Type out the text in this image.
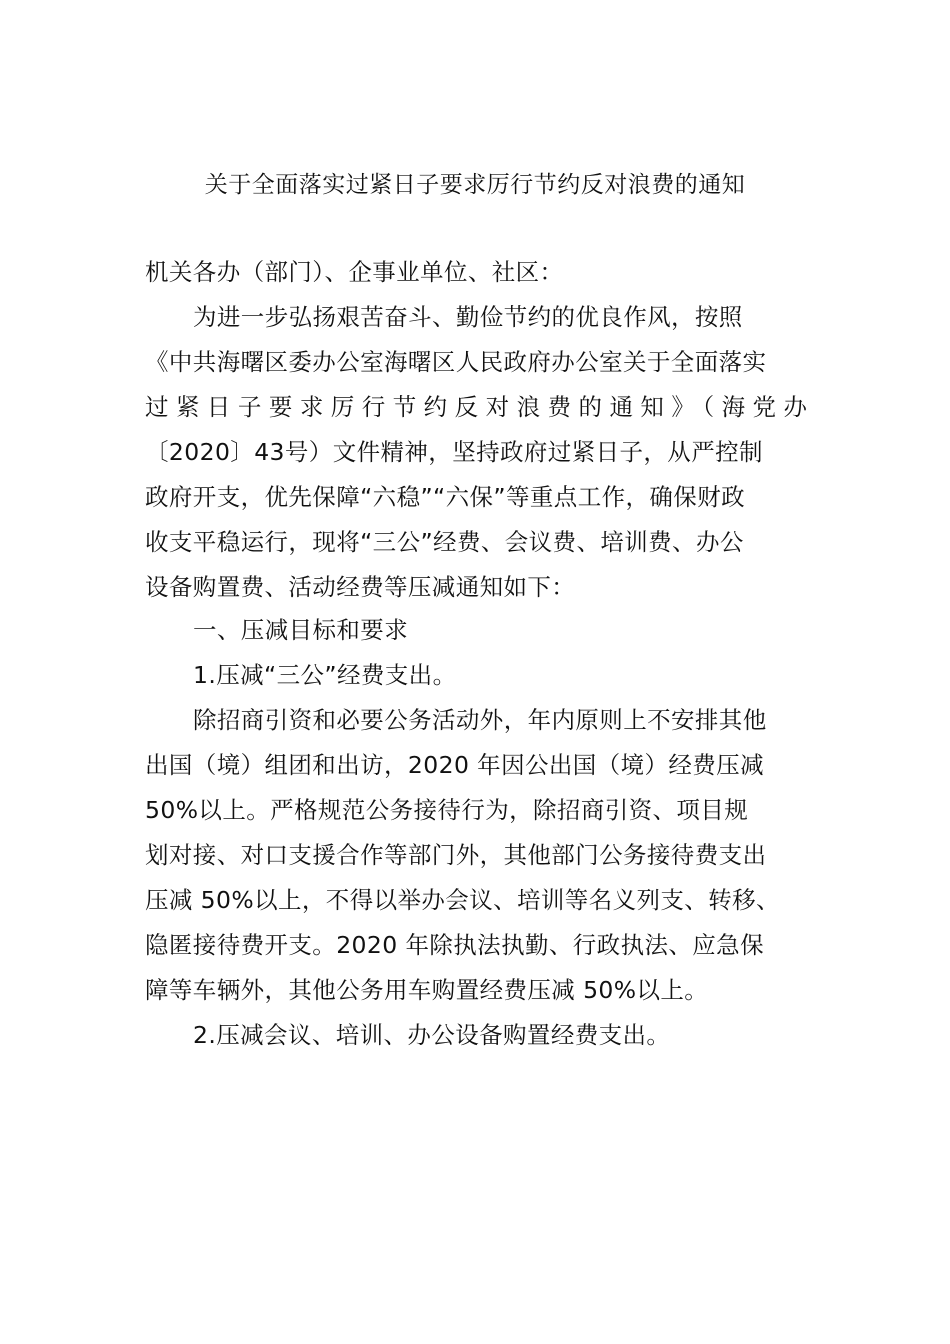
关于全面落实过紧日子要求厉行节约反对浪费的通知
机关各办（部门）、企事业单位、社区：
为进一步弘扬艰苦奋斗、勤俭节约的优良作风，按照
《中共海曙区委办公室海曙区人民政府办公室关于全面落实
过紧日子要求厉行节约反对浪费的通知》（海党办
〔2020〕43号）文件精神，坚持政府过紧日子，从严控制
政府开支，优先保障“六稳”“六保”等重点工作，确保财政
收支平稳运行，现将“三公”经费、会议费、培训费、办公
设备购置费、活动经费等压减通知如下：
一、压减目标和要求
1.压减“三公”经费支出。
除招商引资和必要公务活动外，年内原则上不安排其他
出国（境）组团和出访，2020 年因公出国（境）经费压减
50%以上。严格规范公务接待行为，除招商引资、项目规
划对接、对口支援合作等部门外，其他部门公务接待费支出
压减 50%以上，不得以举办会议、培训等名义列支、转移、
隐匿接待费开支。2020 年除执法执勤、行政执法、应急保
障等车辆外，其他公务用车购置经费压减 50%以上。
2.压减会议、培训、办公设备购置经费支出。
